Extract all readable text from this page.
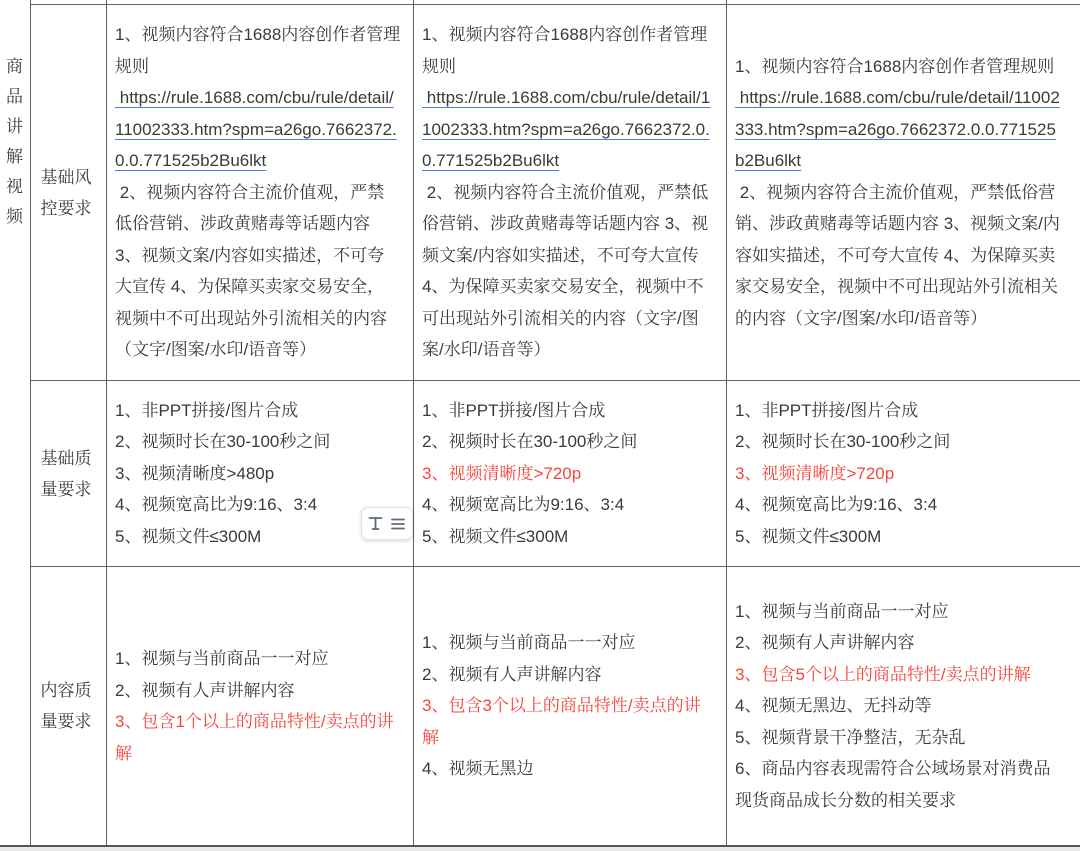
商品讲解视频
基础风控要求
基础质量要求
内容质量要求
1、视频内容符合1688内容创作者管理规则
https://rule.1688.com/cbu/rule/detail/11002333.htm?spm=a26go.7662372.0.0.771525b2Bu6lkt
2、视频内容符合主流价值观，严禁低俗营销、涉政黄赌毒等话题内容 3、视频文案/内容如实描述，不可夸大宣传 4、为保障买卖家交易安全，视频中不可出现站外引流相关的内容（文字/图案/水印/语音等）
1、视频内容符合1688内容创作者管理规则
https://rule.1688.com/cbu/rule/detail/11002333.htm?spm=a26go.7662372.0.0.771525b2Bu6lkt
2、视频内容符合主流价值观，严禁低俗营销、涉政黄赌毒等话题内容 3、视频文案/内容如实描述，不可夸大宣传 4、为保障买卖家交易安全，视频中不可出现站外引流相关的内容（文字/图案/水印/语音等）
1、视频内容符合1688内容创作者管理规则
https://rule.1688.com/cbu/rule/detail/11002333.htm?spm=a26go.7662372.0.0.771525b2Bu6lkt
2、视频内容符合主流价值观，严禁低俗营销、涉政黄赌毒等话题内容 3、视频文案/内容如实描述，不可夸大宣传 4、为保障买卖家交易安全，视频中不可出现站外引流相关的内容（文字/图案/水印/语音等）
1、非PPT拼接/图片合成
2、视频时长在30-100秒之间
3、视频清晰度>480p
4、视频宽高比为9:16、3:4
5、视频文件≤300M
1、非PPT拼接/图片合成
2、视频时长在30-100秒之间
3、视频清晰度>720p
4、视频宽高比为9:16、3:4
5、视频文件≤300M
1、非PPT拼接/图片合成
2、视频时长在30-100秒之间
3、视频清晰度>720p
4、视频宽高比为9:16、3:4
5、视频文件≤300M
1、视频与当前商品一一对应
2、视频有人声讲解内容
3、包含1个以上的商品特性/卖点的讲解
1、视频与当前商品一一对应
2、视频有人声讲解内容
3、包含3个以上的商品特性/卖点的讲解
4、视频无黑边
1、视频与当前商品一一对应
2、视频有人声讲解内容
3、包含5个以上的商品特性/卖点的讲解
4、视频无黑边、无抖动等
5、视频背景干净整洁，无杂乱
6、商品内容表现需符合公域场景对消费品现货商品成长分数的相关要求
